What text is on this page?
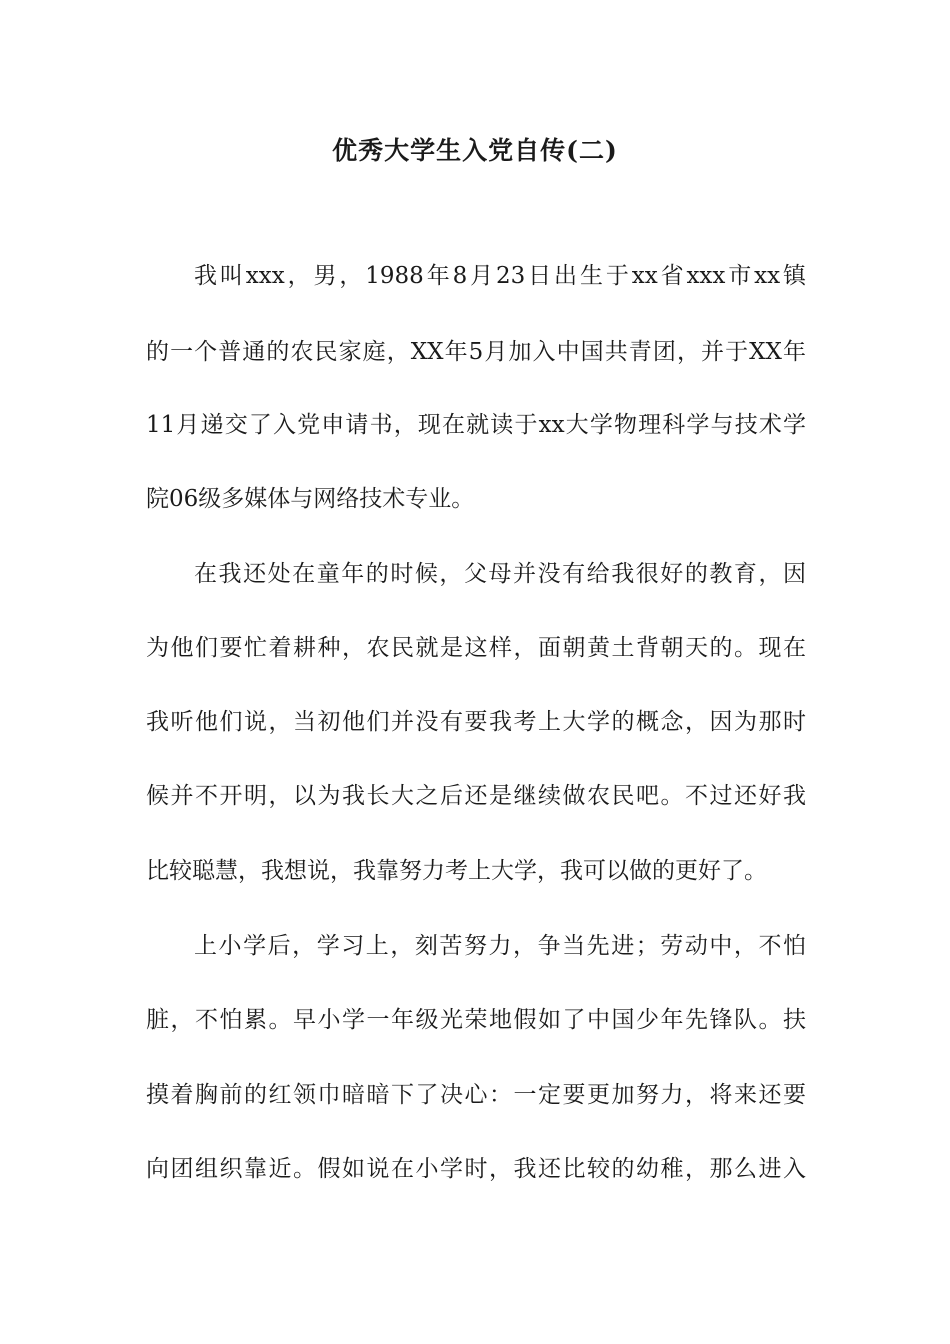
优秀大学生入党自传(二)

我叫xxx，男，1988年8月23日出生于xx省xxx市xx镇

的一个普通的农民家庭，XX年5月加入中国共青团，并于XX年

11月递交了入党申请书，现在就读于xx大学物理科学与技术学

院06级多媒体与网络技术专业。

在我还处在童年的时候，父母并没有给我很好的教育，因

为他们要忙着耕种，农民就是这样，面朝黄土背朝天的。现在

我听他们说，当初他们并没有要我考上大学的概念，因为那时

候并不开明，以为我长大之后还是继续做农民吧。不过还好我

比较聪慧，我想说，我靠努力考上大学，我可以做的更好了。

上小学后，学习上，刻苦努力，争当先进；劳动中，不怕

脏，不怕累。早小学一年级光荣地假如了中国少年先锋队。扶

摸着胸前的红领巾暗暗下了决心：一定要更加努力，将来还要

向团组织靠近。假如说在小学时，我还比较的幼稚，那么进入
